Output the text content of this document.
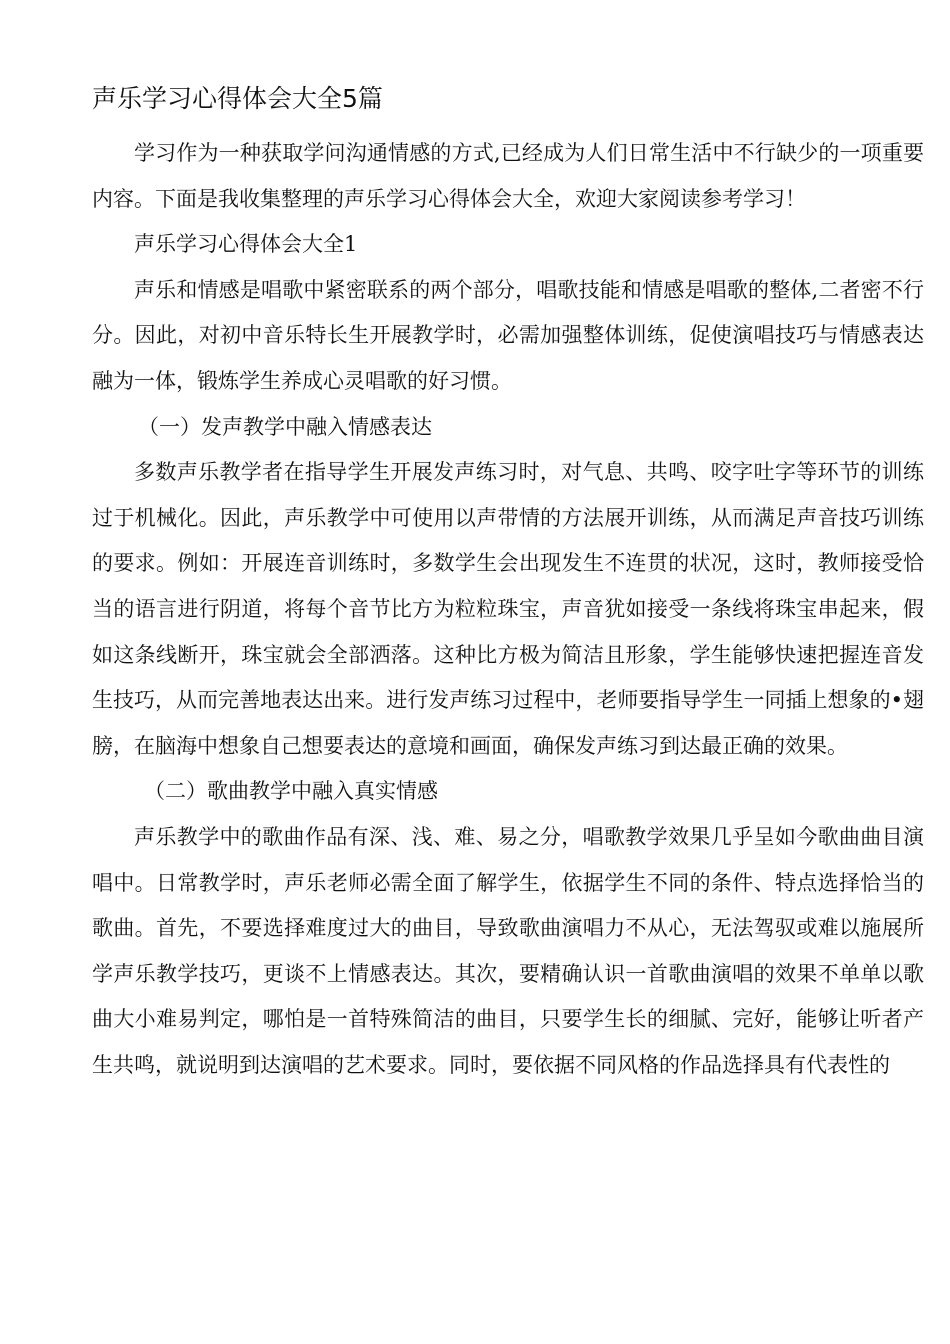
声乐学习心得体会大全5篇

学习作为一种获取学问沟通情感的方式,已经成为人们日常生活中不行缺少的一项重要内容。下面是我收集整理的声乐学习心得体会大全，欢迎大家阅读参考学习！

声乐学习心得体会大全1

声乐和情感是唱歌中紧密联系的两个部分，唱歌技能和情感是唱歌的整体,二者密不行分。因此，对初中音乐特长生开展教学时，必需加强整体训练，促使演唱技巧与情感表达融为一体，锻炼学生养成心灵唱歌的好习惯。

（一）发声教学中融入情感表达

多数声乐教学者在指导学生开展发声练习时，对气息、共鸣、咬字吐字等环节的训练过于机械化。因此，声乐教学中可使用以声带情的方法展开训练，从而满足声音技巧训练的要求。例如：开展连音训练时，多数学生会出现发生不连贯的状况，这时，教师接受恰当的语言进行阴道，将每个音节比方为粒粒珠宝，声音犹如接受一条线将珠宝串起来，假如这条线断开，珠宝就会全部洒落。这种比方极为简洁且形象，学生能够快速把握连音发生技巧，从而完善地表达出来。进行发声练习过程中，老师要指导学生一同插上想象的•翅膀，在脑海中想象自己想要表达的意境和画面，确保发声练习到达最正确的效果。

（二）歌曲教学中融入真实情感

声乐教学中的歌曲作品有深、浅、难、易之分，唱歌教学效果几乎呈如今歌曲曲目演唱中。日常教学时，声乐老师必需全面了解学生，依据学生不同的条件、特点选择恰当的歌曲。首先，不要选择难度过大的曲目，导致歌曲演唱力不从心，无法驾驭或难以施展所学声乐教学技巧，更谈不上情感表达。其次，要精确认识一首歌曲演唱的效果不单单以歌曲大小难易判定，哪怕是一首特殊简洁的曲目，只要学生长的细腻、完好，能够让听者产生共鸣，就说明到达演唱的艺术要求。同时，要依据不同风格的作品选择具有代表性的
